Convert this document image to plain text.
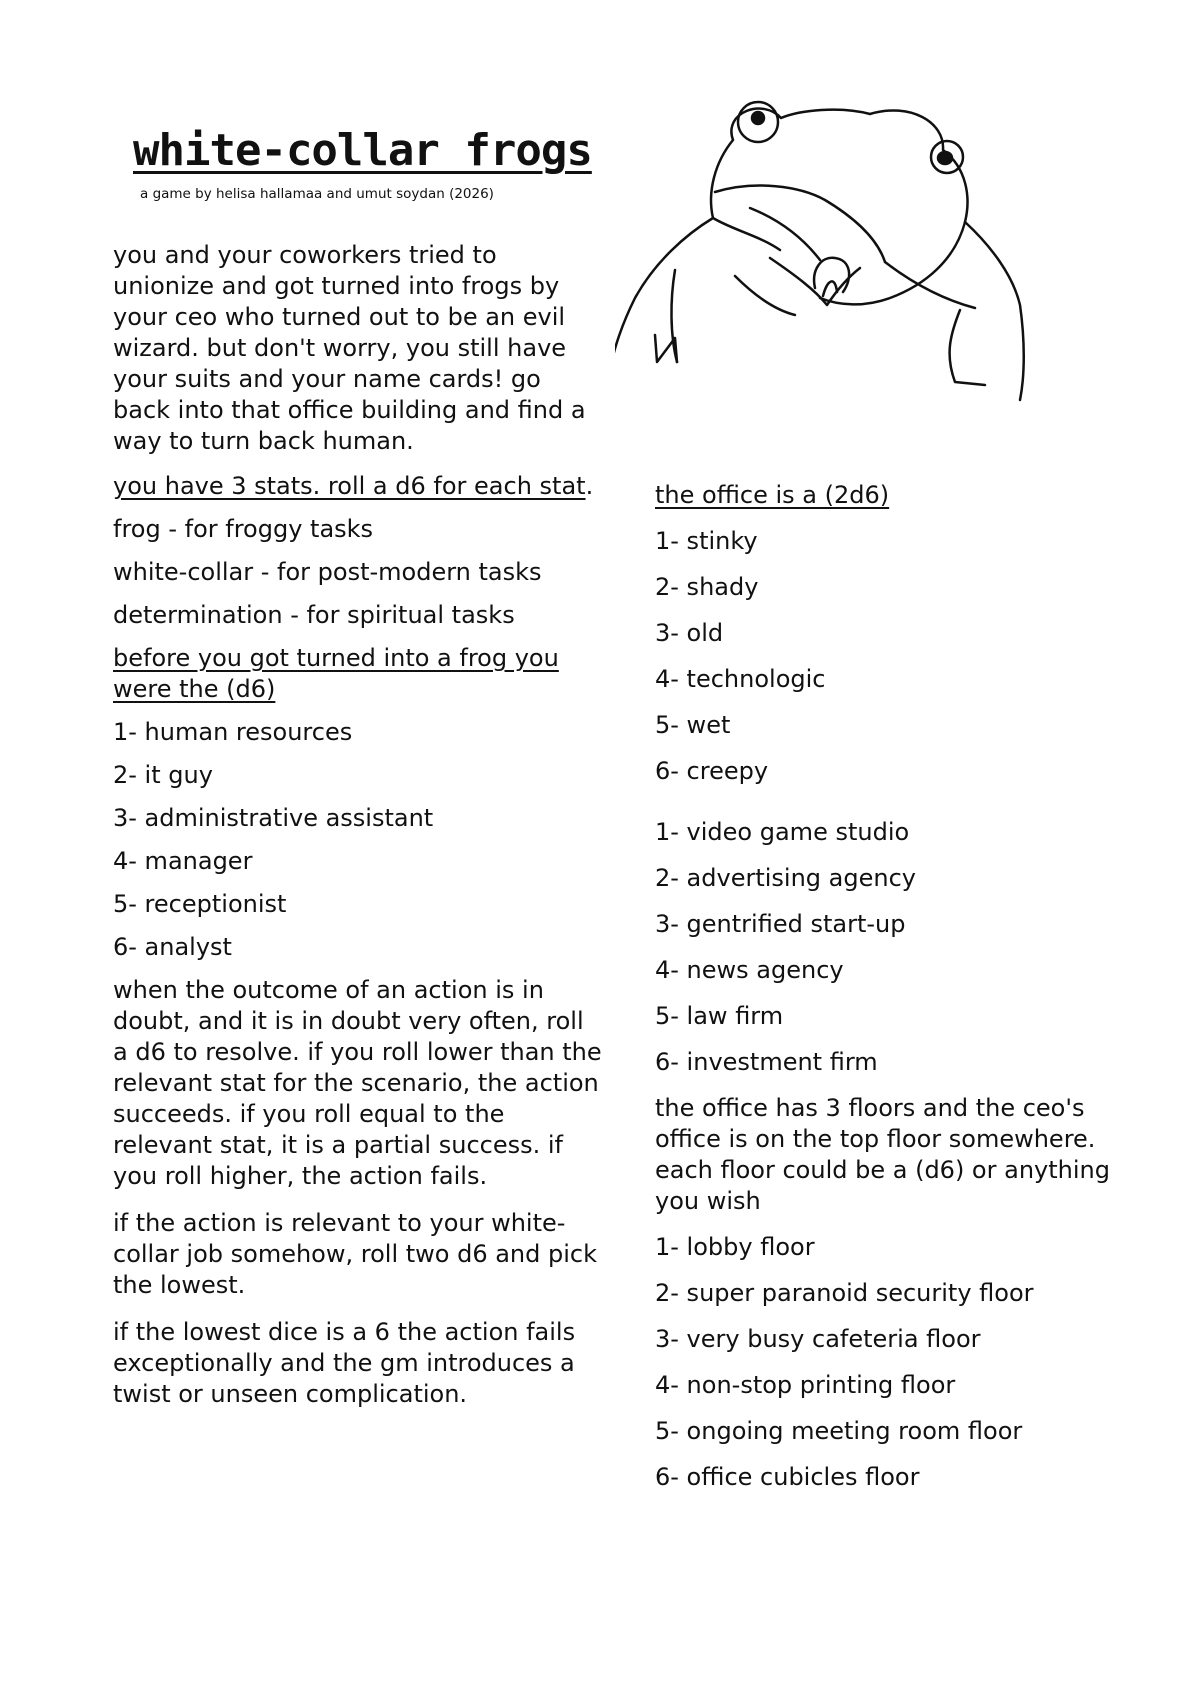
white-collar frogs
a game by helisa hallamaa and umut soydan (2026)

you and your coworkers tried to unionize and got turned into frogs by your ceo who turned out to be an evil wizard. but don't worry, you still have your suits and your name cards! go back into that office building and find a way to turn back human.

you have 3 stats. roll a d6 for each stat.

frog - for froggy tasks

white-collar - for post-modern tasks

determination - for spiritual tasks

before you got turned into a frog you were the (d6)

1- human resources

2- it guy

3- administrative assistant

4- manager

5- receptionist

6- analyst

when the outcome of an action is in doubt, and it is in doubt very often, roll a d6 to resolve. if you roll lower than the relevant stat for the scenario, the action succeeds. if you roll equal to the relevant stat, it is a partial success. if you roll higher, the action fails.

if the action is relevant to your white-collar job somehow, roll two d6 and pick the lowest.

if the lowest dice is a 6 the action fails exceptionally and the gm introduces a twist or unseen complication.

the office is a (2d6)

1- stinky

2- shady

3- old

4- technologic

5- wet

6- creepy

1- video game studio

2- advertising agency

3- gentrified start-up

4- news agency

5- law firm

6- investment firm

the office has 3 floors and the ceo's office is on the top floor somewhere. each floor could be a (d6) or anything you wish

1- lobby floor

2- super paranoid security floor

3- very busy cafeteria floor

4- non-stop printing floor

5- ongoing meeting room floor

6- office cubicles floor
